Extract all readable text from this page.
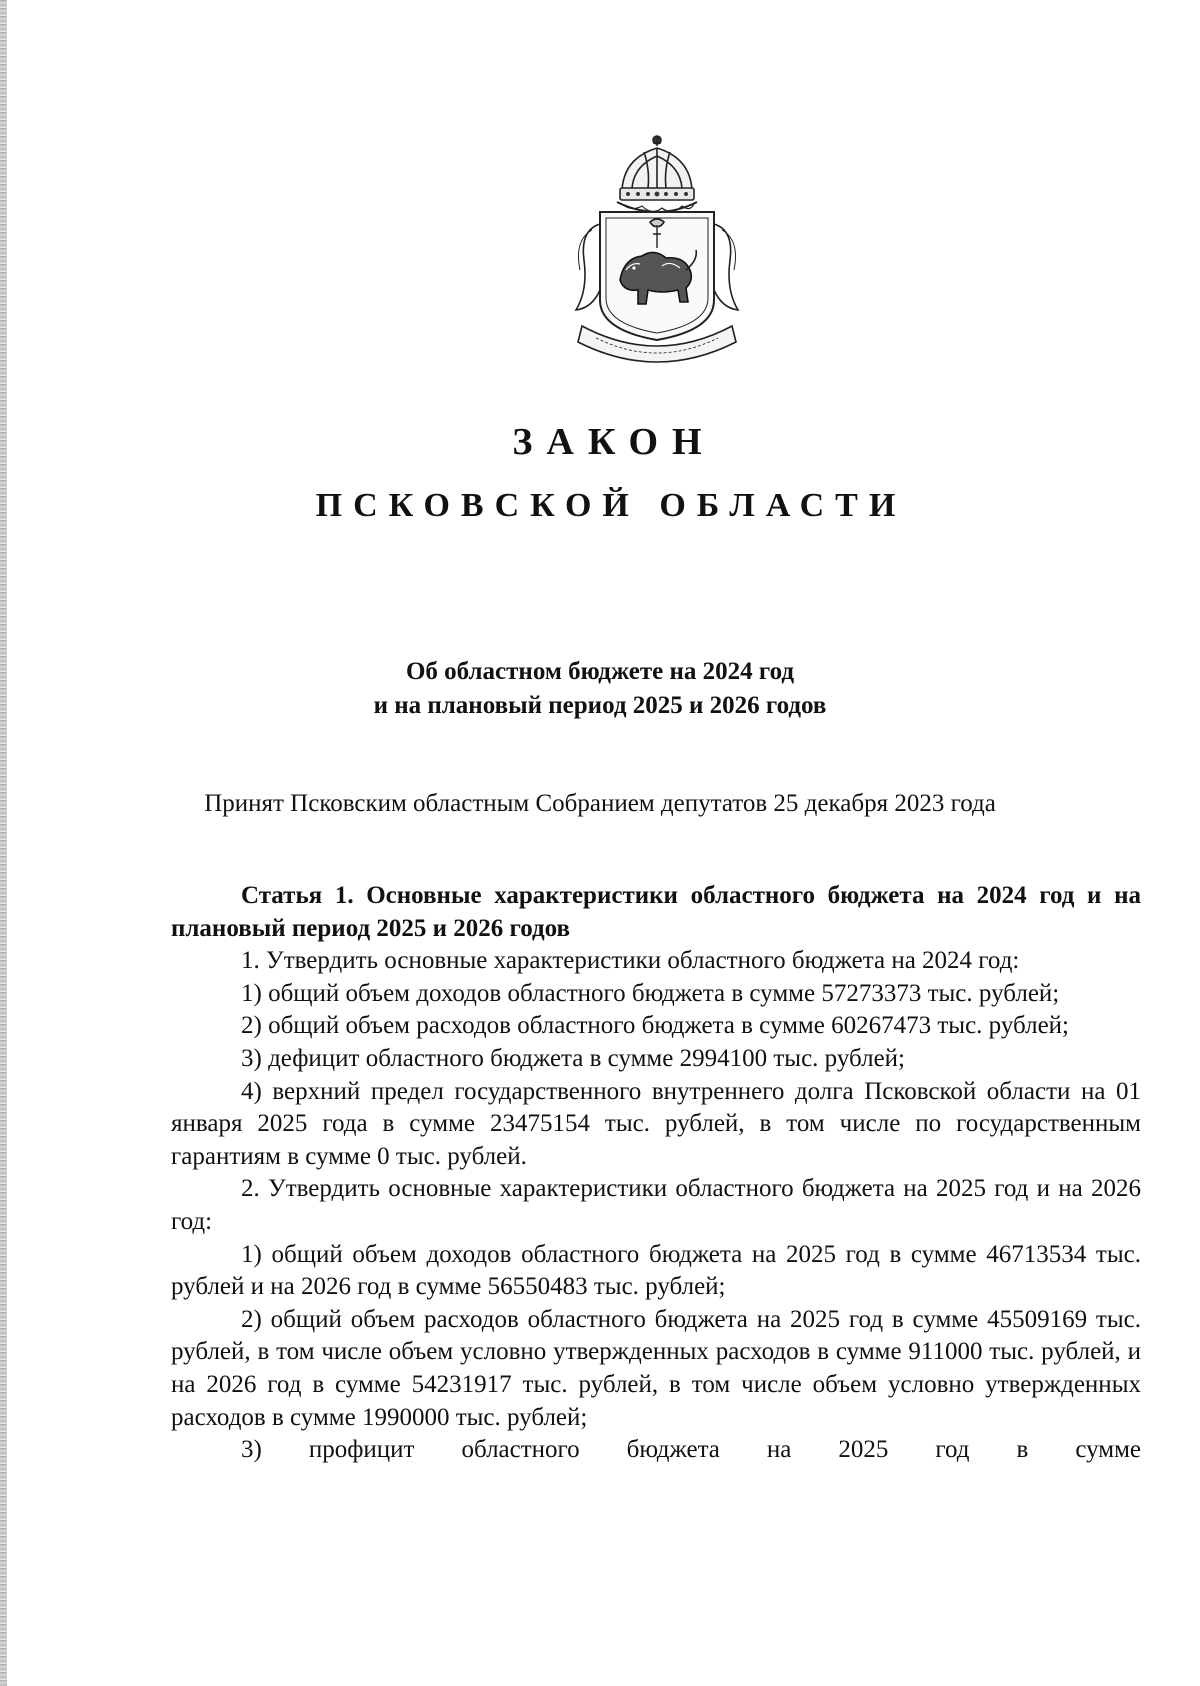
ЗАКОН
ПСКОВСКОЙ ОБЛАСТИ
Об областном бюджете на 2024 год
и на плановый период 2025 и 2026 годов
Принят Псковским областным Собранием депутатов 25 декабря 2023 года

Статья 1. Основные характеристики областного бюджета на 2024 год и на плановый период 2025 и 2026 годов

1. Утвердить основные характеристики областного бюджета на 2024 год:

1) общий объем доходов областного бюджета в сумме 57273373 тыс. рублей;

2) общий объем расходов областного бюджета в сумме 60267473 тыс. рублей;

3) дефицит областного бюджета в сумме 2994100 тыс. рублей;

4) верхний предел государственного внутреннего долга Псковской области на 01 января 2025 года в сумме 23475154 тыс. рублей, в том числе по государственным гарантиям в сумме 0 тыс. рублей.

2. Утвердить основные характеристики областного бюджета на 2025 год и на 2026 год:

1) общий объем доходов областного бюджета на 2025 год в сумме 46713534 тыс. рублей и на 2026 год в сумме 56550483 тыс. рублей;

2) общий объем расходов областного бюджета на 2025 год в сумме 45509169 тыс. рублей, в том числе объем условно утвержденных расходов в сумме 911000 тыс. рублей, и на 2026 год в сумме 54231917 тыс. рублей, в том числе объем условно утвержденных расходов в сумме 1990000 тыс. рублей;

3) профицит областного бюджета на 2025 год в сумме
